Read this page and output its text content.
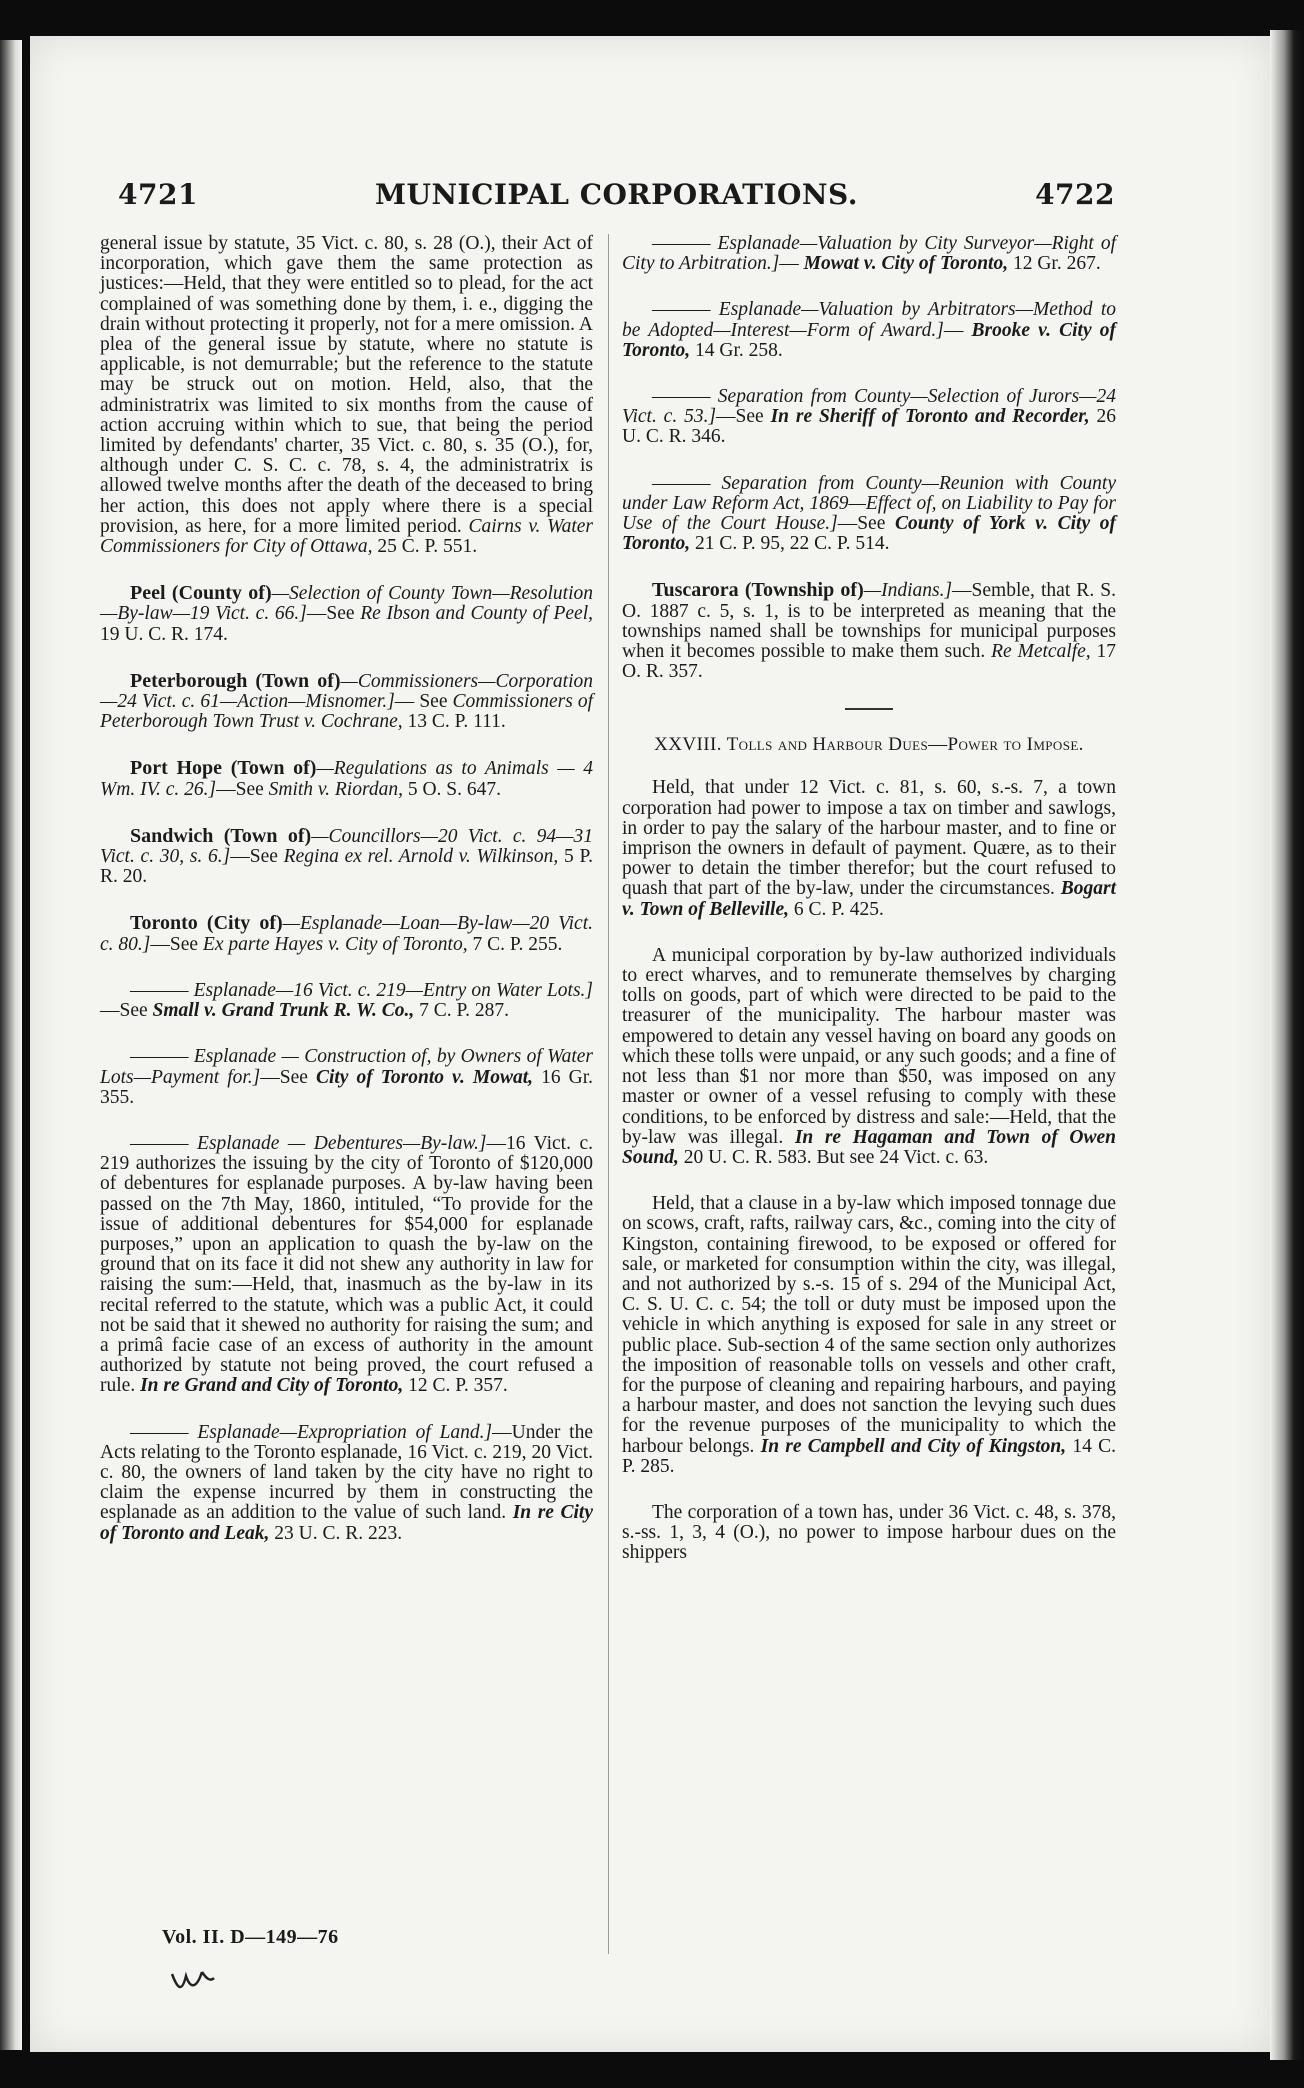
4721	MUNICIPAL CORPORATIONS.	4722

general issue by statute, 35 Vict. c. 80, s. 28 (O.), their Act of incorporation, which gave them the same protection as justices:—Held, that they were entitled so to plead, for the act complained of was something done by them, i. e., digging the drain without protecting it properly, not for a mere omission. A plea of the general issue by statute, where no statute is applicable, is not demurrable; but the reference to the statute may be struck out on motion. Held, also, that the administratrix was limited to six months from the cause of action accruing within which to sue, that being the period limited by defendants' charter, 35 Vict. c. 80, s. 35 (O.), for, although under C. S. C. c. 78, s. 4, the administratrix is allowed twelve months after the death of the deceased to bring her action, this does not apply where there is a special provision, as here, for a more limited period. Cairns v. Water Commissioners for City of Ottawa, 25 C. P. 551.

Peel (County of)—Selection of County Town—Resolution—By-law—19 Vict. c. 66.]—See Re Ibson and County of Peel, 19 U. C. R. 174.

Peterborough (Town of)—Commissioners—Corporation—24 Vict. c. 61—Action—Misnomer.]— See Commissioners of Peterborough Town Trust v. Cochrane, 13 C. P. 111.

Port Hope (Town of)—Regulations as to Animals — 4 Wm. IV. c. 26.]—See Smith v. Riordan, 5 O. S. 647.

Sandwich (Town of)—Councillors—20 Vict. c. 94—31 Vict. c. 30, s. 6.]—See Regina ex rel. Arnold v. Wilkinson, 5 P. R. 20.

Toronto (City of)—Esplanade—Loan—By-law—20 Vict. c. 80.]—See Ex parte Hayes v. City of Toronto, 7 C. P. 255.

——— Esplanade—16 Vict. c. 219—Entry on Water Lots.]—See Small v. Grand Trunk R. W. Co., 7 C. P. 287.

——— Esplanade — Construction of, by Owners of Water Lots—Payment for.]—See City of Toronto v. Mowat, 16 Gr. 355.

——— Esplanade — Debentures—By-law.]—16 Vict. c. 219 authorizes the issuing by the city of Toronto of $120,000 of debentures for esplanade purposes. A by-law having been passed on the 7th May, 1860, intituled, “To provide for the issue of additional debentures for $54,000 for esplanade purposes,” upon an application to quash the by-law on the ground that on its face it did not shew any authority in law for raising the sum:—Held, that, inasmuch as the by-law in its recital referred to the statute, which was a public Act, it could not be said that it shewed no authority for raising the sum; and a primâ facie case of an excess of authority in the amount authorized by statute not being proved, the court refused a rule. In re Grand and City of Toronto, 12 C. P. 357.

——— Esplanade—Expropriation of Land.]—Under the Acts relating to the Toronto esplanade, 16 Vict. c. 219, 20 Vict. c. 80, the owners of land taken by the city have no right to claim the expense incurred by them in constructing the esplanade as an addition to the value of such land. In re City of Toronto and Leak, 23 U. C. R. 223.

——— Esplanade—Valuation by City Surveyor—Right of City to Arbitration.]— Mowat v. City of Toronto, 12 Gr. 267.

——— Esplanade—Valuation by Arbitrators—Method to be Adopted—Interest—Form of Award.]— Brooke v. City of Toronto, 14 Gr. 258.

——— Separation from County—Selection of Jurors—24 Vict. c. 53.]—See In re Sheriff of Toronto and Recorder, 26 U. C. R. 346.

——— Separation from County—Reunion with County under Law Reform Act, 1869—Effect of, on Liability to Pay for Use of the Court House.]—See County of York v. City of Toronto, 21 C. P. 95, 22 C. P. 514.

Tuscarora (Township of)—Indians.]—Semble, that R. S. O. 1887 c. 5, s. 1, is to be interpreted as meaning that the townships named shall be townships for municipal purposes when it becomes possible to make them such. Re Metcalfe, 17 O. R. 357.

XXVIII. Tolls and Harbour Dues—Power to Impose.

Held, that under 12 Vict. c. 81, s. 60, s.-s. 7, a town corporation had power to impose a tax on timber and sawlogs, in order to pay the salary of the harbour master, and to fine or imprison the owners in default of payment. Quære, as to their power to detain the timber therefor; but the court refused to quash that part of the by-law, under the circumstances. Bogart v. Town of Belleville, 6 C. P. 425.

A municipal corporation by by-law authorized individuals to erect wharves, and to remunerate themselves by charging tolls on goods, part of which were directed to be paid to the treasurer of the municipality. The harbour master was empowered to detain any vessel having on board any goods on which these tolls were unpaid, or any such goods; and a fine of not less than $1 nor more than $50, was imposed on any master or owner of a vessel refusing to comply with these conditions, to be enforced by distress and sale:—Held, that the by-law was illegal. In re Hagaman and Town of Owen Sound, 20 U. C. R. 583. But see 24 Vict. c. 63.

Held, that a clause in a by-law which imposed tonnage due on scows, craft, rafts, railway cars, &c., coming into the city of Kingston, containing firewood, to be exposed or offered for sale, or marketed for consumption within the city, was illegal, and not authorized by s.-s. 15 of s. 294 of the Municipal Act, C. S. U. C. c. 54; the toll or duty must be imposed upon the vehicle in which anything is exposed for sale in any street or public place. Sub-section 4 of the same section only authorizes the imposition of reasonable tolls on vessels and other craft, for the purpose of cleaning and repairing harbours, and paying a harbour master, and does not sanction the levying such dues for the revenue purposes of the municipality to which the harbour belongs. In re Campbell and City of Kingston, 14 C. P. 285.

The corporation of a town has, under 36 Vict. c. 48, s. 378, s.-ss. 1, 3, 4 (O.), no power to impose harbour dues on the shippers

Vol. II. D—149—76
